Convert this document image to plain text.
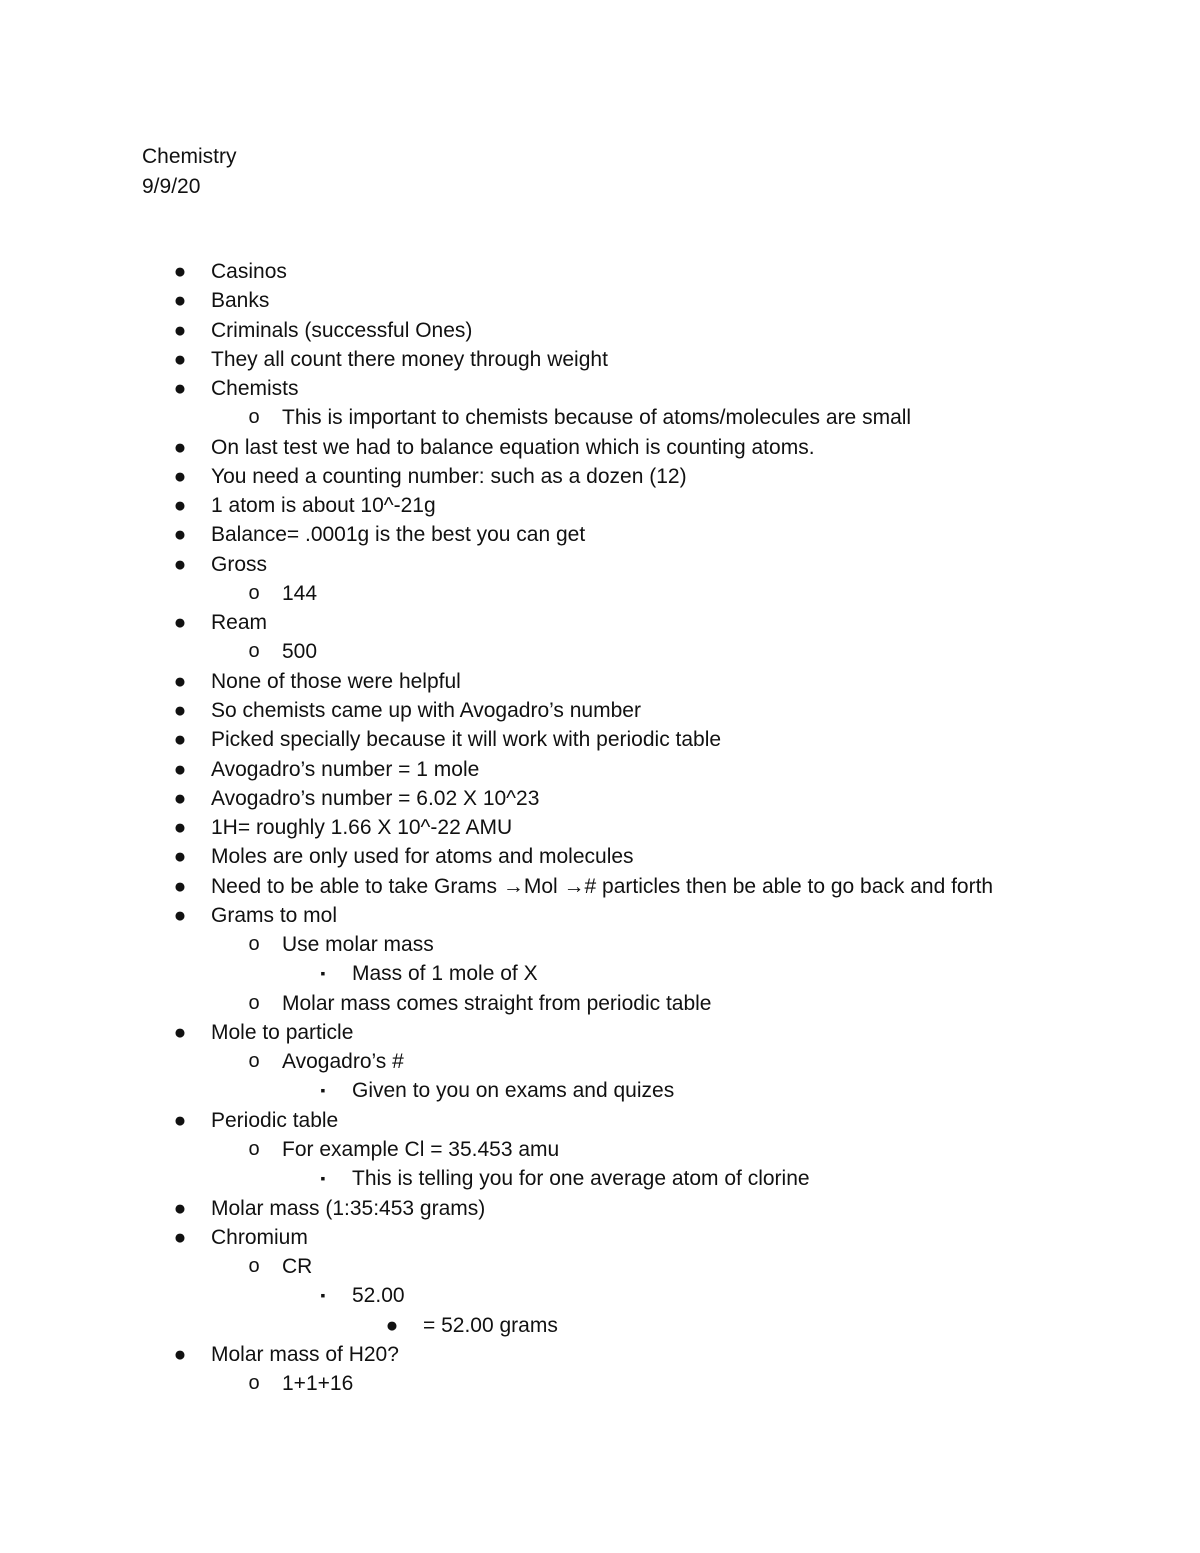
Chemistry
9/9/20
● Casinos
● Banks
● Criminals (successful Ones)
● They all count there money through weight
● Chemists
o This is important to chemists because of atoms/molecules are small
● On last test we had to balance equation which is counting atoms.
● You need a counting number: such as a dozen (12)
● 1 atom is about 10^-21g
● Balance= .0001g is the best you can get
● Gross
o 144
● Ream
o 500
● None of those were helpful
● So chemists came up with Avogadro’s number
● Picked specially because it will work with periodic table
● Avogadro’s number = 1 mole
● Avogadro’s number = 6.02 X 10^23
● 1H= roughly 1.66 X 10^-22 AMU
● Moles are only used for atoms and molecules
● Need to be able to take Grams →Mol →# particles then be able to go back and forth
● Grams to mol
o Use molar mass
▪	Mass of 1 mole of X
o Molar mass comes straight from periodic table
● Mole to particle
o Avogadro’s #
▪	Given to you on exams and quizes
● Periodic table
o For example Cl = 35.453 amu
▪	This is telling you for one average atom of clorine
● Molar mass (1:35:453 grams)
● Chromium
o CR
▪	52.00
● = 52.00 grams
● Molar mass of H20?
o 1+1+16
